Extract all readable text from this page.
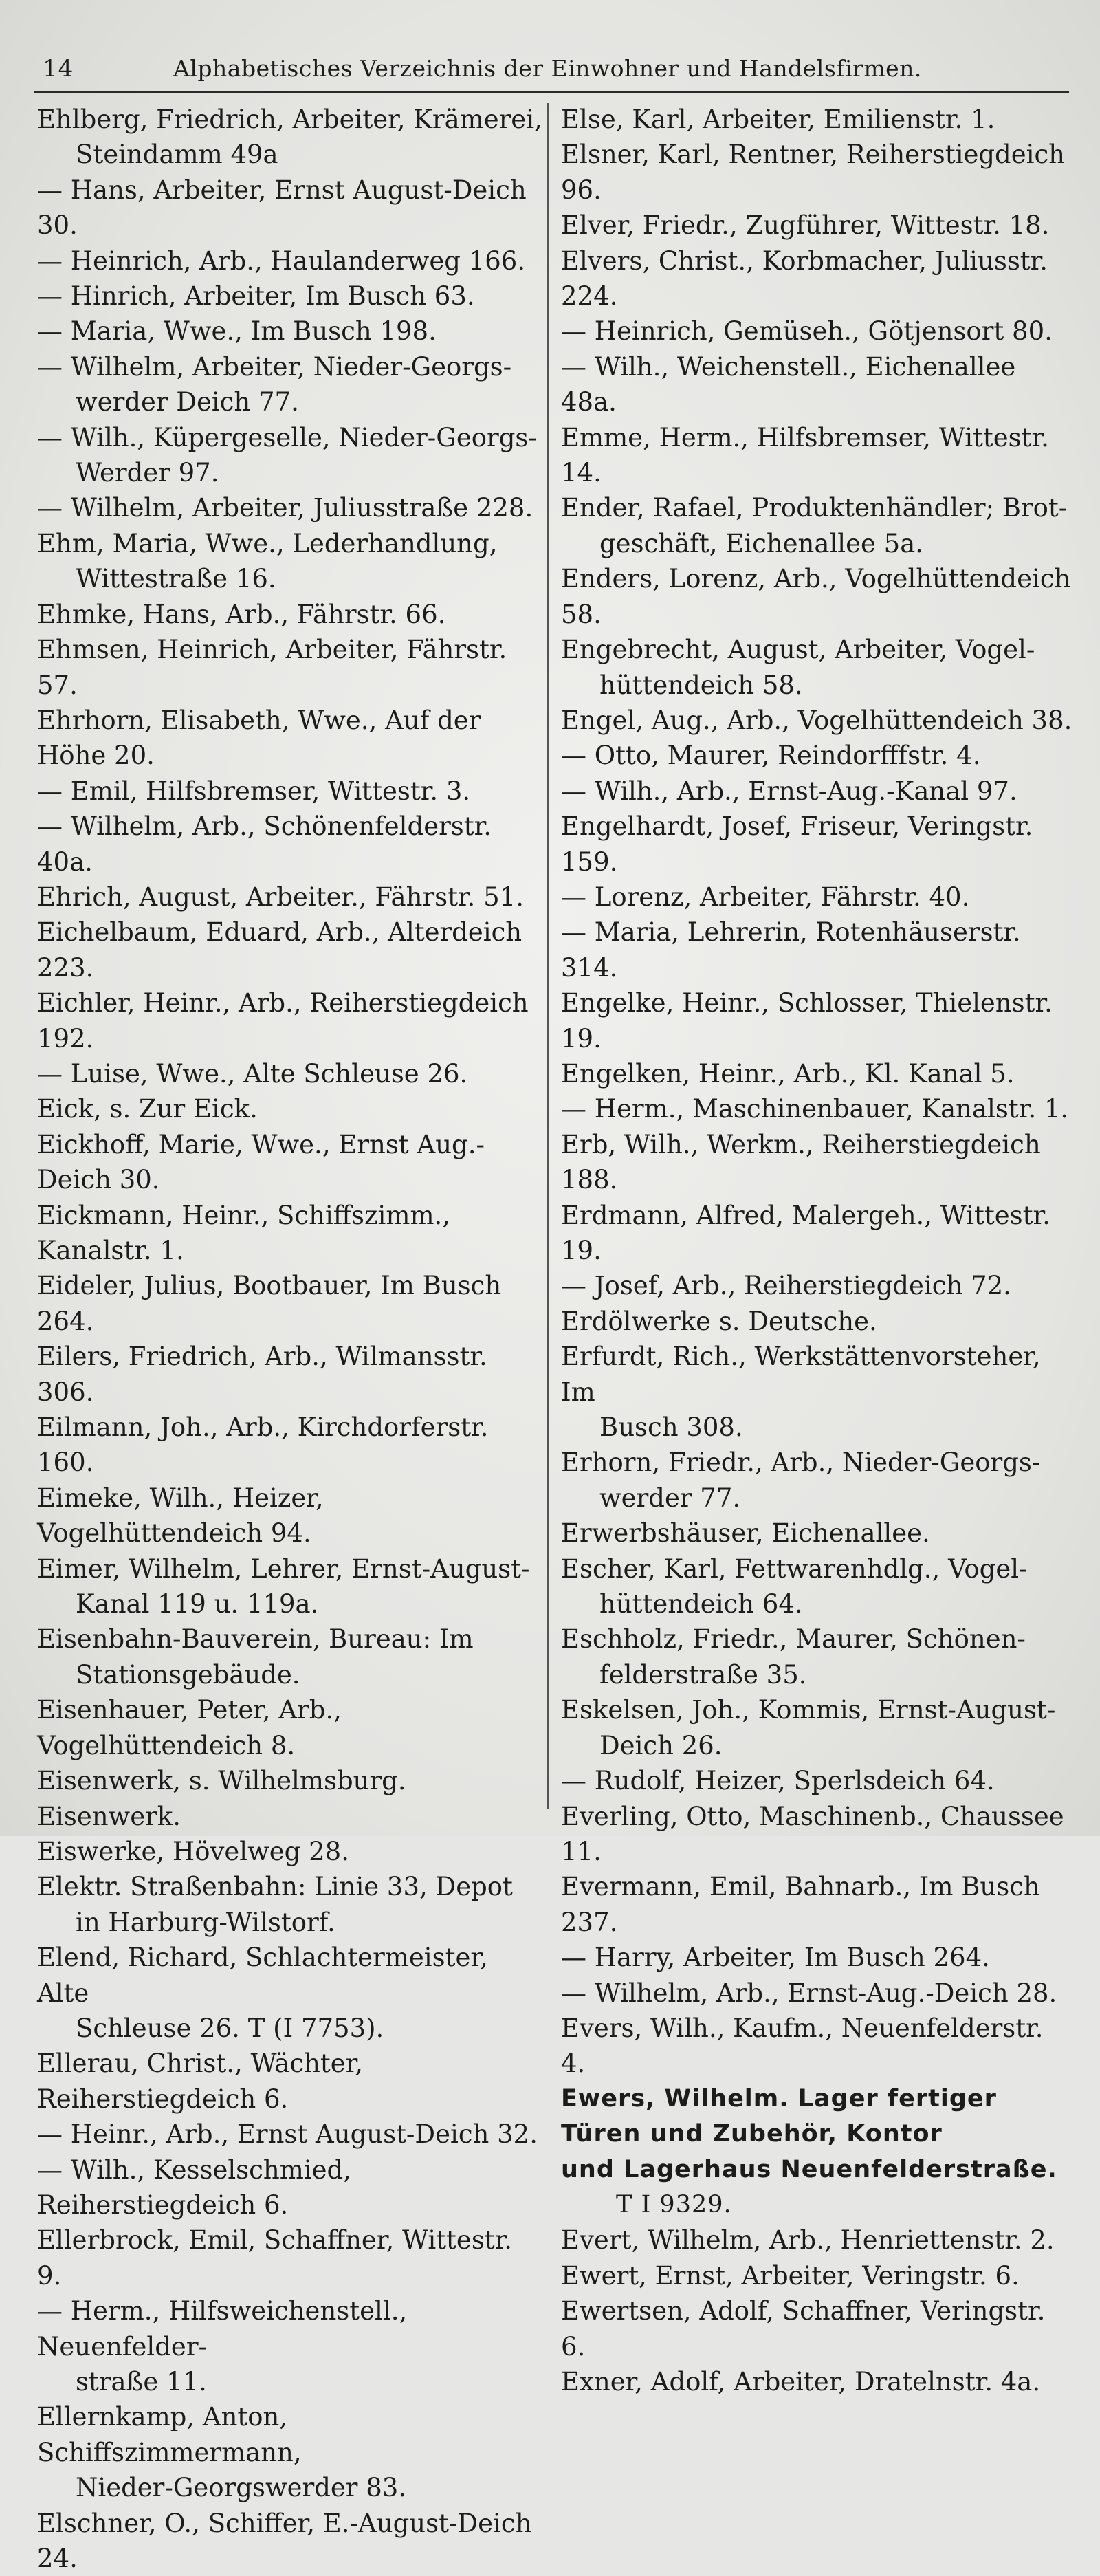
14	Alphabetisches Verzeichnis der Einwohner und Handelsfirmen.
Ehlberg, Friedrich, Arbeiter, Krämerei,
Steindamm 49a
— Hans, Arbeiter, Ernst August-Deich 30.
— Heinrich, Arb., Haulanderweg 166.
— Hinrich, Arbeiter, Im Busch 63.
— Maria, Wwe., Im Busch 198.
— Wilhelm, Arbeiter, Nieder-Georgs-
werder Deich 77.
— Wilh., Küpergeselle, Nieder-Georgs-
Werder 97.
— Wilhelm, Arbeiter, Juliusstraße 228.
Ehm, Maria, Wwe., Lederhandlung,
Wittestraße 16.
Ehmke, Hans, Arb., Fährstr. 66.
Ehmsen, Heinrich, Arbeiter, Fährstr. 57.
Ehrhorn, Elisabeth, Wwe., Auf der Höhe 20.
— Emil, Hilfsbremser, Wittestr. 3.
— Wilhelm, Arb., Schönenfelderstr. 40a.
Ehrich, August, Arbeiter., Fährstr. 51.
Eichelbaum, Eduard, Arb., Alterdeich 223.
Eichler, Heinr., Arb., Reiherstiegdeich 192.
— Luise, Wwe., Alte Schleuse 26.
Eick, s. Zur Eick.
Eickhoff, Marie, Wwe., Ernst Aug.-Deich 30.
Eickmann, Heinr., Schiffszimm., Kanalstr. 1.
Eideler, Julius, Bootbauer, Im Busch 264.
Eilers, Friedrich, Arb., Wilmansstr. 306.
Eilmann, Joh., Arb., Kirchdorferstr. 160.
Eimeke, Wilh., Heizer, Vogelhüttendeich 94.
Eimer, Wilhelm, Lehrer, Ernst-August-
Kanal 119 u. 119a.
Eisenbahn-Bauverein, Bureau: Im
Stationsgebäude.
Eisenhauer, Peter, Arb., Vogelhüttendeich 8.
Eisenwerk, s. Wilhelmsburg. Eisenwerk.
Eiswerke, Hövelweg 28.
Elektr. Straßenbahn: Linie 33, Depot
in Harburg-Wilstorf.
Elend, Richard, Schlachtermeister, Alte
Schleuse 26. T (I 7753).
Ellerau, Christ., Wächter, Reiherstiegdeich 6.
— Heinr., Arb., Ernst August-Deich 32.
— Wilh., Kesselschmied, Reiherstiegdeich 6.
Ellerbrock, Emil, Schaffner, Wittestr. 9.
— Herm., Hilfsweichenstell., Neuenfelder-
straße 11.
Ellernkamp, Anton, Schiffszimmermann,
Nieder-Georgswerder 83.
Elschner, O., Schiffer, E.-August-Deich 24.
Else, Karl, Arbeiter, Emilienstr. 1.
Elsner, Karl, Rentner, Reiherstiegdeich 96.
Elver, Friedr., Zugführer, Wittestr. 18.
Elvers, Christ., Korbmacher, Juliusstr. 224.
— Heinrich, Gemüseh., Götjensort 80.
— Wilh., Weichenstell., Eichenallee 48a.
Emme, Herm., Hilfsbremser, Wittestr. 14.
Ender, Rafael, Produktenhändler; Brot-
geschäft, Eichenallee 5a.
Enders, Lorenz, Arb., Vogelhüttendeich 58.
Engebrecht, August, Arbeiter, Vogel-
hüttendeich 58.
Engel, Aug., Arb., Vogelhüttendeich 38.
— Otto, Maurer, Reindorfffstr. 4.
— Wilh., Arb., Ernst-Aug.-Kanal 97.
Engelhardt, Josef, Friseur, Veringstr. 159.
— Lorenz, Arbeiter, Fährstr. 40.
— Maria, Lehrerin, Rotenhäuserstr. 314.
Engelke, Heinr., Schlosser, Thielenstr. 19.
Engelken, Heinr., Arb., Kl. Kanal 5.
— Herm., Maschinenbauer, Kanalstr. 1.
Erb, Wilh., Werkm., Reiherstiegdeich 188.
Erdmann, Alfred, Malergeh., Wittestr. 19.
— Josef, Arb., Reiherstiegdeich 72.
Erdölwerke s. Deutsche.
Erfurdt, Rich., Werkstättenvorsteher, Im
Busch 308.
Erhorn, Friedr., Arb., Nieder-Georgs-
werder 77.
Erwerbshäuser, Eichenallee.
Escher, Karl, Fettwarenhdlg., Vogel-
hüttendeich 64.
Eschholz, Friedr., Maurer, Schönen-
felderstraße 35.
Eskelsen, Joh., Kommis, Ernst-August-
Deich 26.
— Rudolf, Heizer, Sperlsdeich 64.
Everling, Otto, Maschinenb., Chaussee 11.
Evermann, Emil, Bahnarb., Im Busch 237.
— Harry, Arbeiter, Im Busch 264.
— Wilhelm, Arb., Ernst-Aug.-Deich 28.
Evers, Wilh., Kaufm., Neuenfelderstr. 4.
Ewers, Wilhelm. Lager fertiger
Türen und Zubehör, Kontor
und Lagerhaus Neuenfelderstraße.
T I 9329.
Evert, Wilhelm, Arb., Henriettenstr. 2.
Ewert, Ernst, Arbeiter, Veringstr. 6.
Ewertsen, Adolf, Schaffner, Veringstr. 6.
Exner, Adolf, Arbeiter, Dratelnstr. 4a.
